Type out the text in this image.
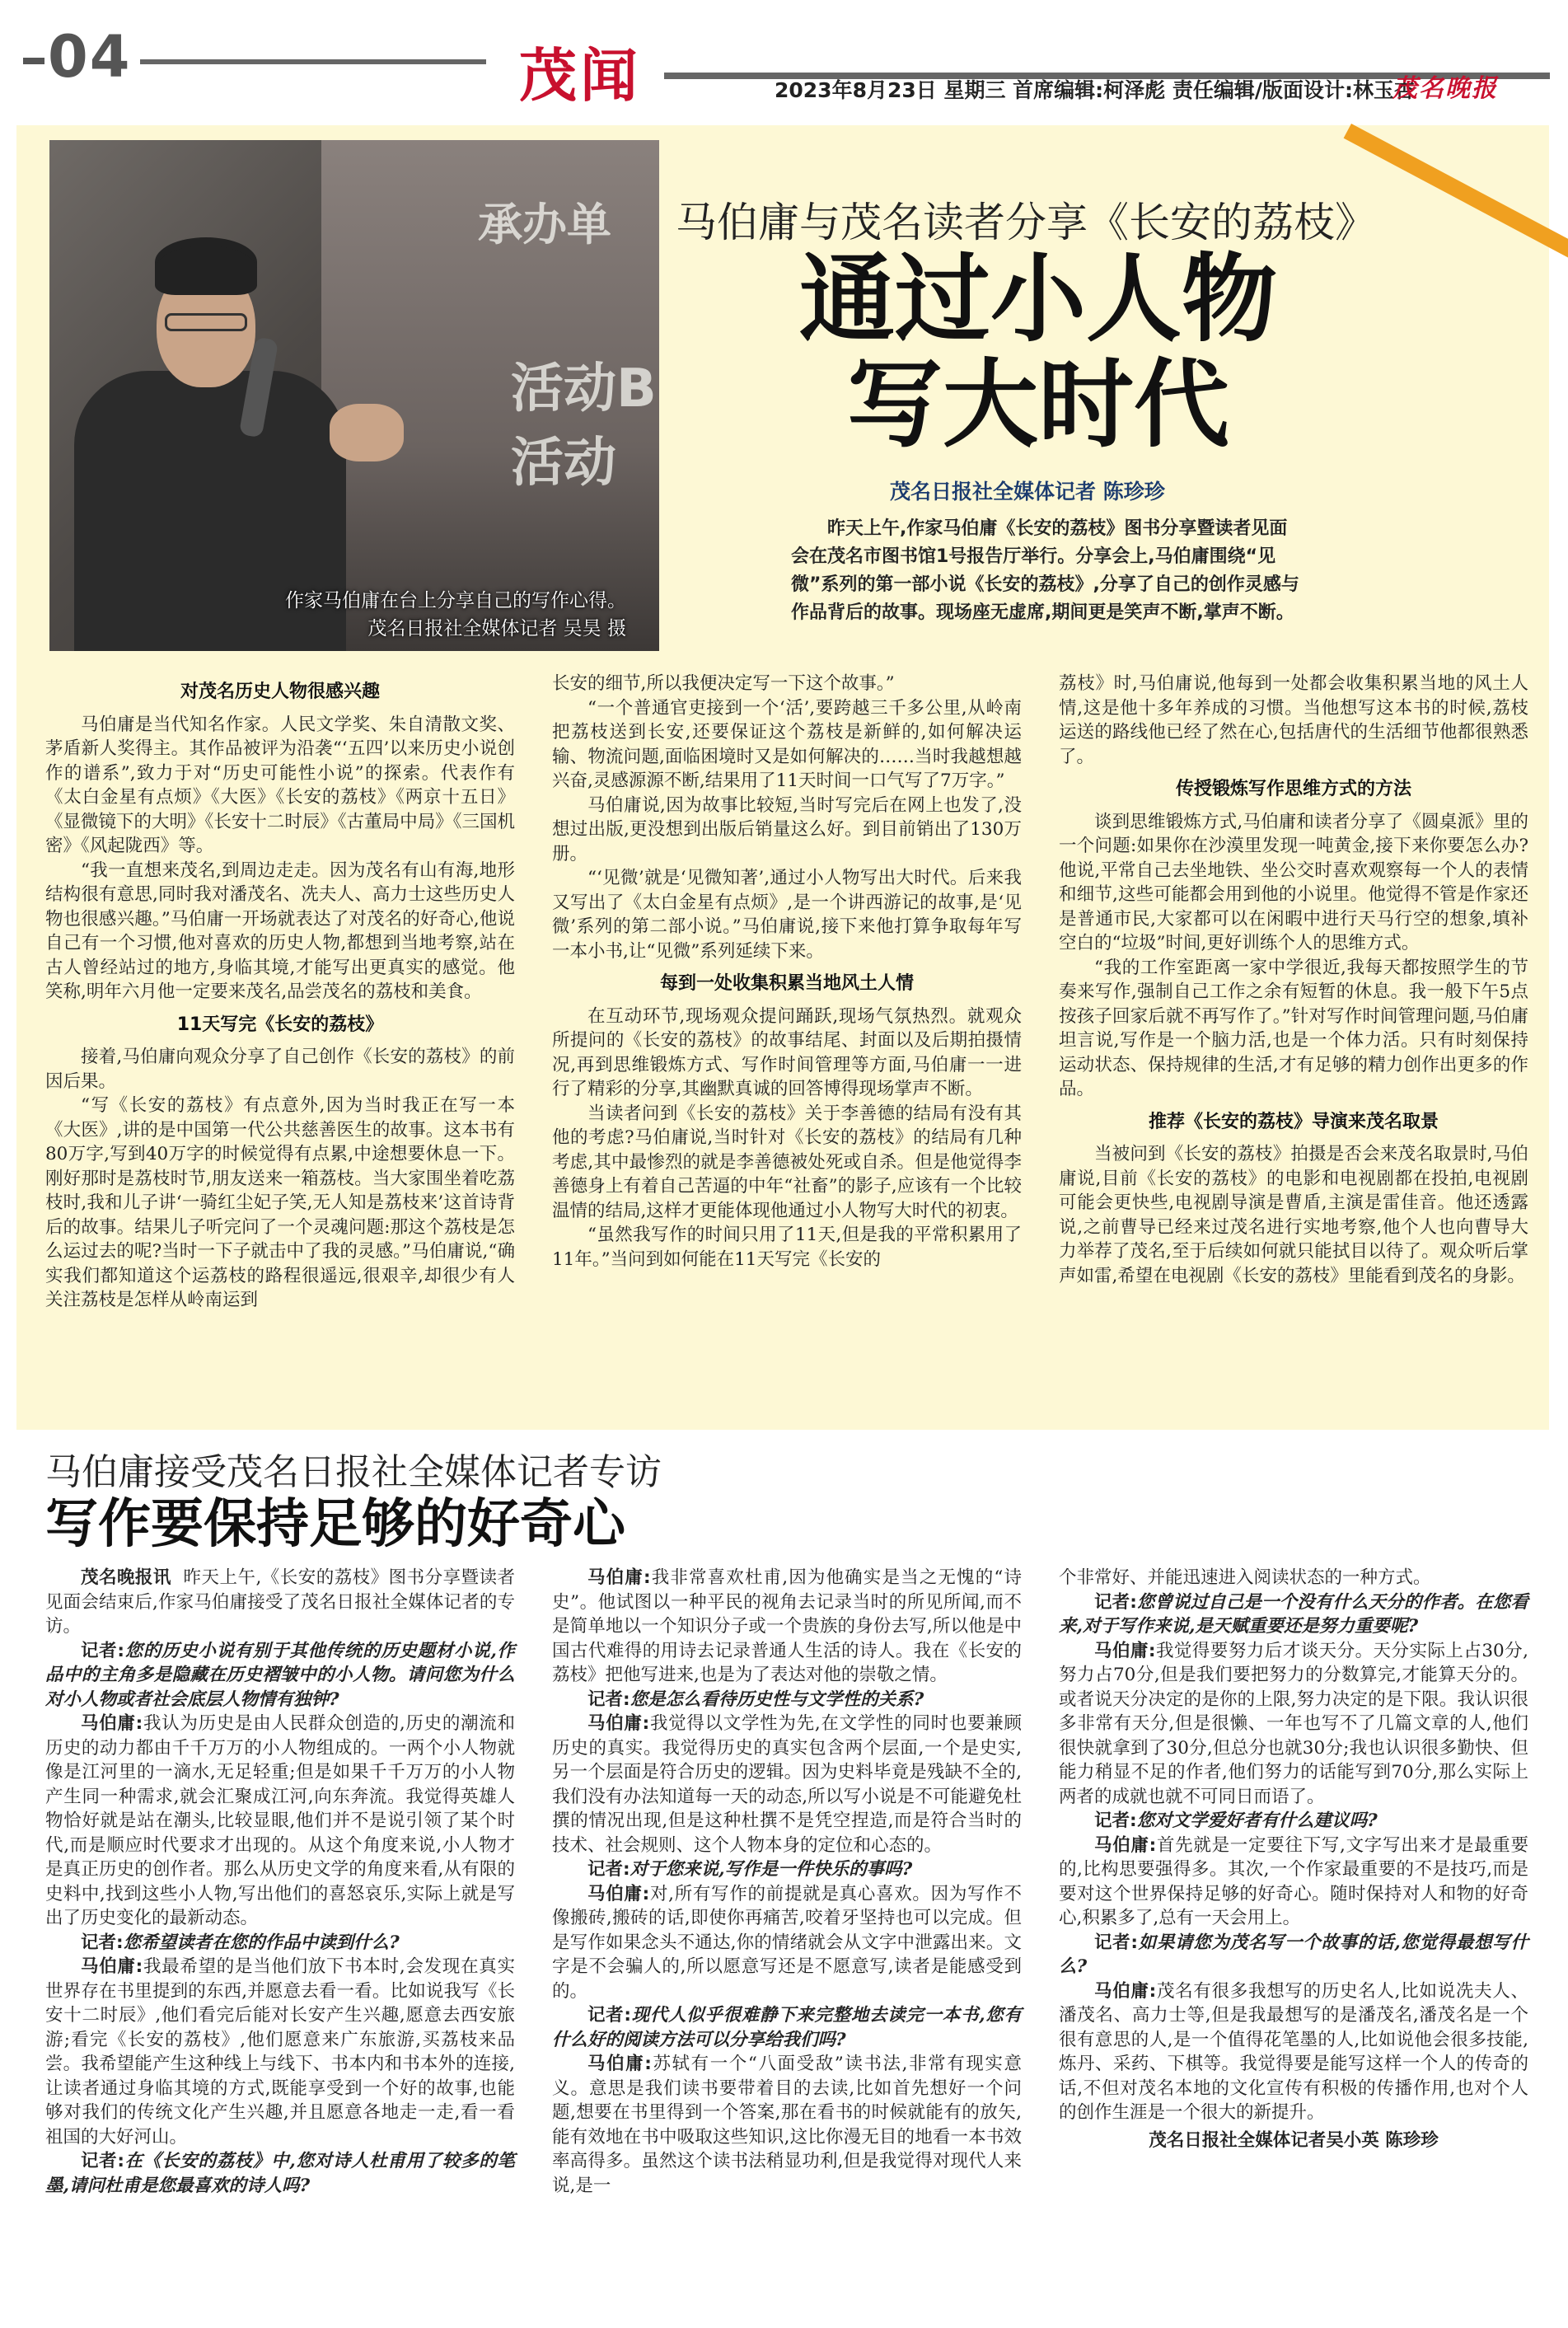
04	茂闻	2023年8月23日 星期三 首席编辑:柯泽彪 责任编辑/版面设计:林玉杏
茂名晚报
承办单
活动B
活动
作家马伯庸在台上分享自己的写作心得。
茂名日报社全媒体记者 吴昊 摄
马伯庸与茂名读者分享《长安的荔枝》
通过小人物
写大时代
茂名日报社全媒体记者 陈珍珍
昨天上午,作家马伯庸《长安的荔枝》图书分享暨读者见面会在茂名市图书馆1号报告厅举行。分享会上,马伯庸围绕“见微”系列的第一部小说《长安的荔枝》,分享了自己的创作灵感与作品背后的故事。现场座无虚席,期间更是笑声不断,掌声不断。
对茂名历史人物很感兴趣

马伯庸是当代知名作家。人民文学奖、朱自清散文奖、茅盾新人奖得主。其作品被评为沿袭“‘五四’以来历史小说创作的谱系”,致力于对“历史可能性小说”的探索。代表作有《太白金星有点烦》《大医》《长安的荔枝》《两京十五日》《显微镜下的大明》《长安十二时辰》《古董局中局》《三国机密》《风起陇西》等。

“我一直想来茂名,到周边走走。因为茂名有山有海,地形结构很有意思,同时我对潘茂名、冼夫人、高力士这些历史人物也很感兴趣。”马伯庸一开场就表达了对茂名的好奇心,他说自己有一个习惯,他对喜欢的历史人物,都想到当地考察,站在古人曾经站过的地方,身临其境,才能写出更真实的感觉。他笑称,明年六月他一定要来茂名,品尝茂名的荔枝和美食。

11天写完《长安的荔枝》

接着,马伯庸向观众分享了自己创作《长安的荔枝》的前因后果。

“写《长安的荔枝》有点意外,因为当时我正在写一本《大医》,讲的是中国第一代公共慈善医生的故事。这本书有80万字,写到40万字的时候觉得有点累,中途想要休息一下。刚好那时是荔枝时节,朋友送来一箱荔枝。当大家围坐着吃荔枝时,我和儿子讲‘一骑红尘妃子笑,无人知是荔枝来’这首诗背后的故事。结果儿子听完问了一个灵魂问题:那这个荔枝是怎么运过去的呢?当时一下子就击中了我的灵感。”马伯庸说,“确实我们都知道这个运荔枝的路程很遥远,很艰辛,却很少有人关注荔枝是怎样从岭南运到

长安的细节,所以我便决定写一下这个故事。”

“一个普通官吏接到一个‘活’,要跨越三千多公里,从岭南把荔枝送到长安,还要保证这个荔枝是新鲜的,如何解决运输、物流问题,面临困境时又是如何解决的……当时我越想越兴奋,灵感源源不断,结果用了11天时间一口气写了7万字。”

马伯庸说,因为故事比较短,当时写完后在网上也发了,没想过出版,更没想到出版后销量这么好。到目前销出了130万册。

“‘见微’就是‘见微知著’,通过小人物写出大时代。后来我又写出了《太白金星有点烦》,是一个讲西游记的故事,是‘见微’系列的第二部小说。”马伯庸说,接下来他打算争取每年写一本小书,让“见微”系列延续下来。

每到一处收集积累当地风土人情

在互动环节,现场观众提问踊跃,现场气氛热烈。就观众所提问的《长安的荔枝》的故事结尾、封面以及后期拍摄情况,再到思维锻炼方式、写作时间管理等方面,马伯庸一一进行了精彩的分享,其幽默真诚的回答博得现场掌声不断。

当读者问到《长安的荔枝》关于李善德的结局有没有其他的考虑?马伯庸说,当时针对《长安的荔枝》的结局有几种考虑,其中最惨烈的就是李善德被处死或自杀。但是他觉得李善德身上有着自己苦逼的中年“社畜”的影子,应该有一个比较温情的结局,这样才更能体现他通过小人物写大时代的初衷。

“虽然我写作的时间只用了11天,但是我的平常积累用了11年。”当问到如何能在11天写完《长安的

荔枝》时,马伯庸说,他每到一处都会收集积累当地的风土人情,这是他十多年养成的习惯。当他想写这本书的时候,荔枝运送的路线他已经了然在心,包括唐代的生活细节他都很熟悉了。

传授锻炼写作思维方式的方法

谈到思维锻炼方式,马伯庸和读者分享了《圆桌派》里的一个问题:如果你在沙漠里发现一吨黄金,接下来你要怎么办?他说,平常自己去坐地铁、坐公交时喜欢观察每一个人的表情和细节,这些可能都会用到他的小说里。他觉得不管是作家还是普通市民,大家都可以在闲暇中进行天马行空的想象,填补空白的“垃圾”时间,更好训练个人的思维方式。

“我的工作室距离一家中学很近,我每天都按照学生的节奏来写作,强制自己工作之余有短暂的休息。我一般下午5点按孩子回家后就不再写作了。”针对写作时间管理问题,马伯庸坦言说,写作是一个脑力活,也是一个体力活。只有时刻保持运动状态、保持规律的生活,才有足够的精力创作出更多的作品。

推荐《长安的荔枝》导演来茂名取景

当被问到《长安的荔枝》拍摄是否会来茂名取景时,马伯庸说,目前《长安的荔枝》的电影和电视剧都在投拍,电视剧可能会更快些,电视剧导演是曹盾,主演是雷佳音。他还透露说,之前曹导已经来过茂名进行实地考察,他个人也向曹导大力举荐了茂名,至于后续如何就只能拭目以待了。观众听后掌声如雷,希望在电视剧《长安的荔枝》里能看到茂名的身影。

马伯庸接受茂名日报社全媒体记者专访
写作要保持足够的好奇心

茂名晚报讯 昨天上午,《长安的荔枝》图书分享暨读者见面会结束后,作家马伯庸接受了茂名日报社全媒体记者的专访。

记者:您的历史小说有别于其他传统的历史题材小说,作品中的主角多是隐藏在历史褶皱中的小人物。请问您为什么对小人物或者社会底层人物情有独钟?

马伯庸:我认为历史是由人民群众创造的,历史的潮流和历史的动力都由千千万万的小人物组成的。一两个小人物就像是江河里的一滴水,无足轻重;但是如果千千万万的小人物产生同一种需求,就会汇聚成江河,向东奔流。我觉得英雄人物恰好就是站在潮头,比较显眼,他们并不是说引领了某个时代,而是顺应时代要求才出现的。从这个角度来说,小人物才是真正历史的创作者。那么从历史文学的角度来看,从有限的史料中,找到这些小人物,写出他们的喜怒哀乐,实际上就是写出了历史变化的最新动态。

记者:您希望读者在您的作品中读到什么?

马伯庸:我最希望的是当他们放下书本时,会发现在真实世界存在书里提到的东西,并愿意去看一看。比如说我写《长安十二时辰》,他们看完后能对长安产生兴趣,愿意去西安旅游;看完《长安的荔枝》,他们愿意来广东旅游,买荔枝来品尝。我希望能产生这种线上与线下、书本内和书本外的连接,让读者通过身临其境的方式,既能享受到一个好的故事,也能够对我们的传统文化产生兴趣,并且愿意各地走一走,看一看祖国的大好河山。

记者:在《长安的荔枝》中,您对诗人杜甫用了较多的笔墨,请问杜甫是您最喜欢的诗人吗?

马伯庸:我非常喜欢杜甫,因为他确实是当之无愧的“诗史”。他试图以一种平民的视角去记录当时的所见所闻,而不是简单地以一个知识分子或一个贵族的身份去写,所以他是中国古代难得的用诗去记录普通人生活的诗人。我在《长安的荔枝》把他写进来,也是为了表达对他的崇敬之情。

记者:您是怎么看待历史性与文学性的关系?

马伯庸:我觉得以文学性为先,在文学性的同时也要兼顾历史的真实。我觉得历史的真实包含两个层面,一个是史实,另一个层面是符合历史的逻辑。因为史料毕竟是残缺不全的,我们没有办法知道每一天的动态,所以写小说是不可能避免杜撰的情况出现,但是这种杜撰不是凭空捏造,而是符合当时的技术、社会规则、这个人物本身的定位和心态的。

记者:对于您来说,写作是一件快乐的事吗?

马伯庸:对,所有写作的前提就是真心喜欢。因为写作不像搬砖,搬砖的话,即使你再痛苦,咬着牙坚持也可以完成。但是写作如果念头不通达,你的情绪就会从文字中泄露出来。文字是不会骗人的,所以愿意写还是不愿意写,读者是能感受到的。

记者:现代人似乎很难静下来完整地去读完一本书,您有什么好的阅读方法可以分享给我们吗?

马伯庸:苏轼有一个“八面受敌”读书法,非常有现实意义。意思是我们读书要带着目的去读,比如首先想好一个问题,想要在书里得到一个答案,那在看书的时候就能有的放矢,能有效地在书中吸取这些知识,这比你漫无目的地看一本书效率高得多。虽然这个读书法稍显功利,但是我觉得对现代人来说,是一

个非常好、并能迅速进入阅读状态的一种方式。

记者:您曾说过自己是一个没有什么天分的作者。在您看来,对于写作来说,是天赋重要还是努力重要呢?

马伯庸:我觉得要努力后才谈天分。天分实际上占30分,努力占70分,但是我们要把努力的分数算完,才能算天分的。或者说天分决定的是你的上限,努力决定的是下限。我认识很多非常有天分,但是很懒、一年也写不了几篇文章的人,他们很快就拿到了30分,但总分也就30分;我也认识很多勤快、但能力稍显不足的作者,他们努力的话能写到70分,那么实际上两者的成就也就不可同日而语了。

记者:您对文学爱好者有什么建议吗?

马伯庸:首先就是一定要往下写,文字写出来才是最重要的,比构思要强得多。其次,一个作家最重要的不是技巧,而是要对这个世界保持足够的好奇心。随时保持对人和物的好奇心,积累多了,总有一天会用上。

记者:如果请您为茂名写一个故事的话,您觉得最想写什么?

马伯庸:茂名有很多我想写的历史名人,比如说冼夫人、潘茂名、高力士等,但是我最想写的是潘茂名,潘茂名是一个很有意思的人,是一个值得花笔墨的人,比如说他会很多技能,炼丹、采药、下棋等。我觉得要是能写这样一个人的传奇的话,不但对茂名本地的文化宣传有积极的传播作用,也对个人的创作生涯是一个很大的新提升。

茂名日报社全媒体记者吴小英 陈珍珍
